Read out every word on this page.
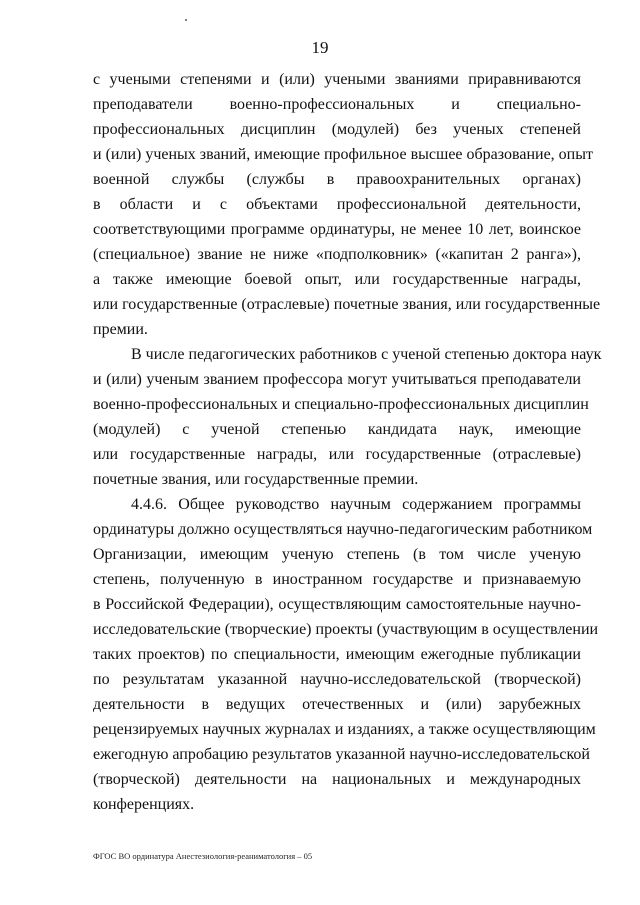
19
с учеными степенями и (или) учеными званиями приравниваются
преподаватели военно-профессиональных и специально-
профессиональных дисциплин (модулей) без ученых степеней
и (или) ученых званий, имеющие профильное высшее образование, опыт
военной службы (службы в правоохранительных органах)
в области и с объектами профессиональной деятельности,
соответствующими программе ординатуры, не менее 10 лет, воинское
(специальное) звание не ниже «подполковник» («капитан 2 ранга»),
а также имеющие боевой опыт, или государственные награды,
или государственные (отраслевые) почетные звания, или государственные
премии.
В числе педагогических работников с ученой степенью доктора наук
и (или) ученым званием профессора могут учитываться преподаватели
военно-профессиональных и специально-профессиональных дисциплин
(модулей) с ученой степенью кандидата наук, имеющие
или государственные награды, или государственные (отраслевые)
почетные звания, или государственные премии.
4.4.6. Общее руководство научным содержанием программы
ординатуры должно осуществляться научно-педагогическим работником
Организации, имеющим ученую степень (в том числе ученую
степень, полученную в иностранном государстве и признаваемую
в Российской Федерации), осуществляющим самостоятельные научно-
исследовательские (творческие) проекты (участвующим в осуществлении
таких проектов) по специальности, имеющим ежегодные публикации
по результатам указанной научно-исследовательской (творческой)
деятельности в ведущих отечественных и (или) зарубежных
рецензируемых научных журналах и изданиях, а также осуществляющим
ежегодную апробацию результатов указанной научно-исследовательской
(творческой) деятельности на национальных и международных
конференциях.
ФГОС ВО ординатура Анестезиология-реаниматология – 05
